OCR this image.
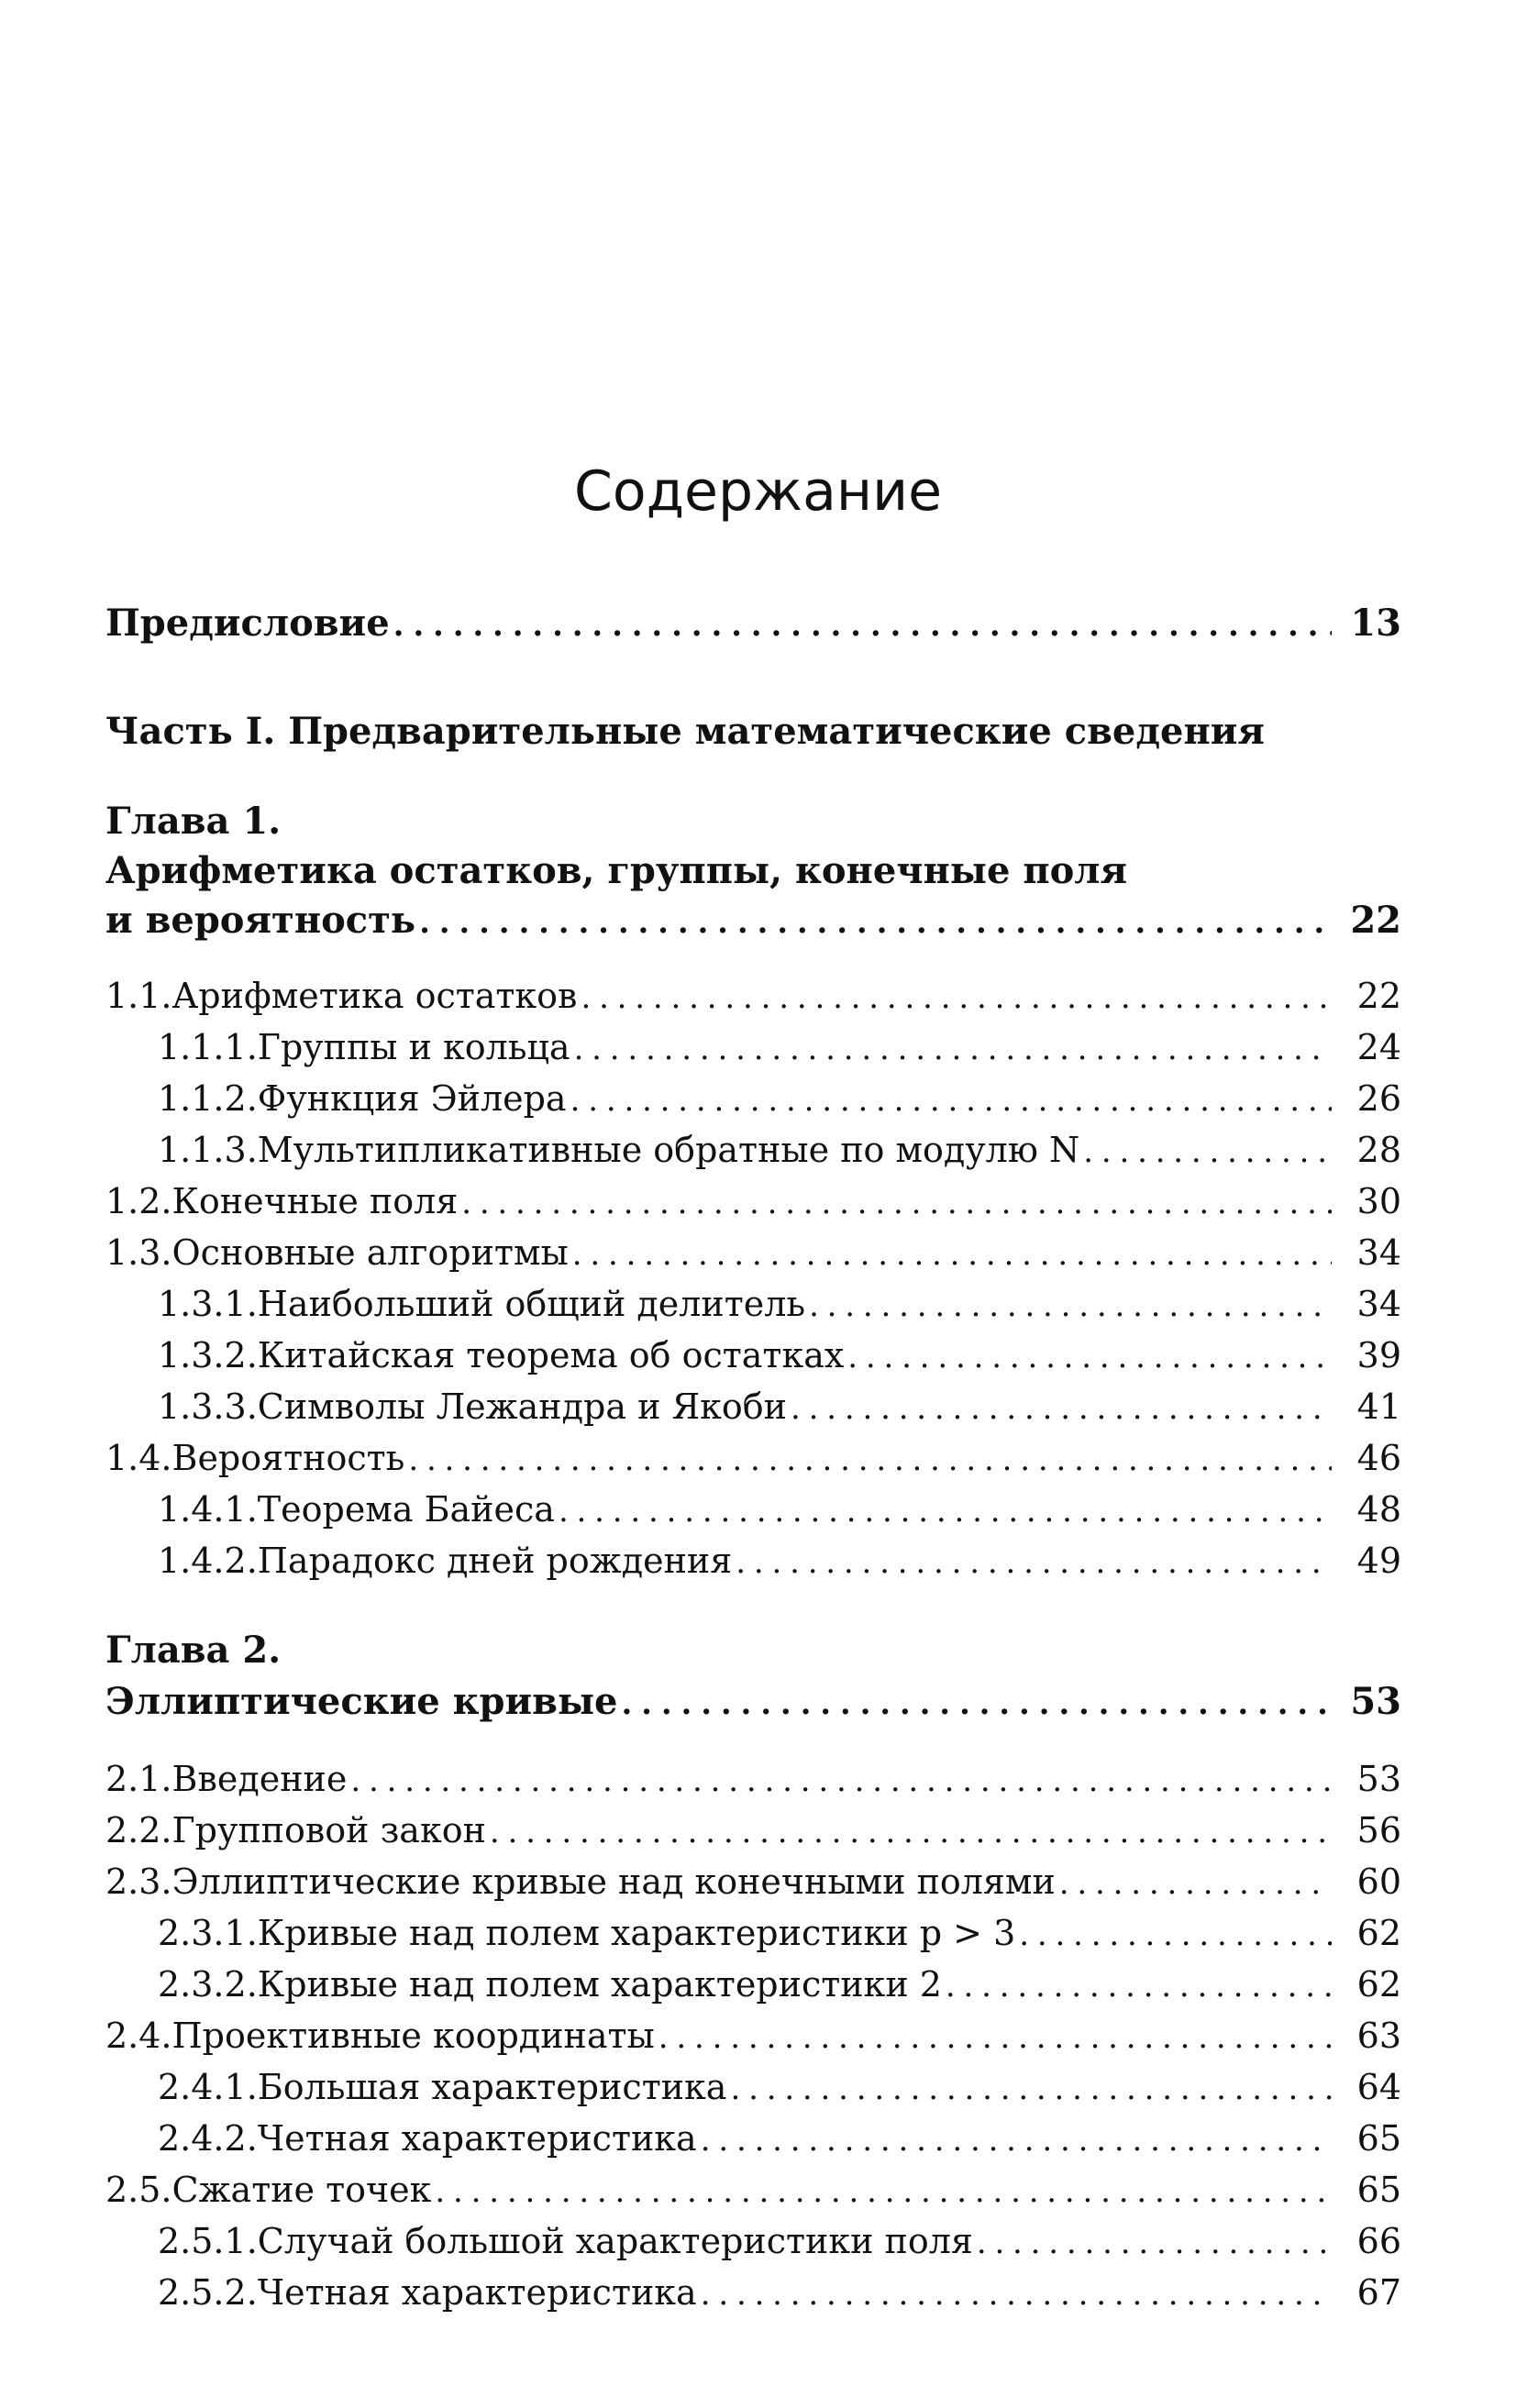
Содержание
Предисловие . . .	13
Часть I. Предварительные математические сведения
Глава 1.
Арифметика остатков, группы, конечные поля
и вероятность . . .	22
1.1. Арифметика остатков . . .	22
1.1.1. Группы и кольца . . .	24
1.1.2. Функция Эйлера . . .	26
1.1.3. Мультипликативные обратные по модулю N . . .	28
1.2. Конечные поля . . .	30
1.3. Основные алгоритмы . . .	34
1.3.1. Наибольший общий делитель . . .	34
1.3.2. Китайская теорема об остатках . . .	39
1.3.3. Символы Лежандра и Якоби . . .	41
1.4. Вероятность . . .	46
1.4.1. Теорема Байеса . . .	48
1.4.2. Парадокс дней рождения . . .	49
Глава 2.
Эллиптические кривые . . .	53
2.1. Введение . . .	53
2.2. Групповой закон . . .	56
2.3. Эллиптические кривые над конечными полями . . .	60
2.3.1. Кривые над полем характеристики p > 3 . . .	62
2.3.2. Кривые над полем характеристики 2 . . .	62
2.4. Проективные координаты . . .	63
2.4.1. Большая характеристика . . .	64
2.4.2. Четная характеристика . . .	65
2.5. Сжатие точек . . .	65
2.5.1. Случай большой характеристики поля . . .	66
2.5.2. Четная характеристика . . .	67
